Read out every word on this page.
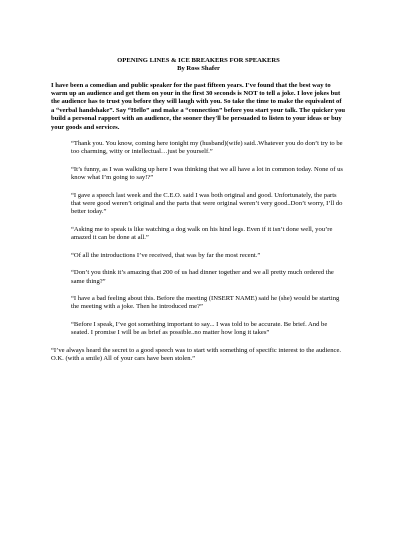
OPENING LINES & ICE BREAKERS FOR SPEAKERS
By Ross Shafer

I have been a comedian and public speaker for the past fifteen years. I've found that the best way to warm up an audience and get them on your in the first 30 seconds is NOT to tell a joke. I love jokes but the audience has to trust you before they will laugh with you. So take the time to make the equivalent of a “verbal handshake”. Say “Hello” and make a “connection” before you start your talk. The quicker you build a personal rapport with an audience, the sooner they'll be persuaded to listen to your ideas or buy your goods and services.

“Thank you. You know, coming here tonight my (husband)(wife) said..Whatever you do don’t try to be too charming, witty or intellectual…just be yourself.”
“It’s funny, as I was walking up here I was thinking that we all have a lot in common today. None of us know what I’m going to say!?”
“I gave a speech last week and the C.E.O. said I was both original and good. Unfortunately, the parts that were good weren’t original and the parts that were original weren’t very good..Don’t worry, I’ll do better today.”
“Asking me to speak is like watching a dog walk on his hind legs. Even if it isn’t done well, you’re amazed it can be done at all.”
“Of all the introductions I’ve received, that was by far the most recent.”
“Don’t you think it’s amazing that 200 of us had dinner together and we all pretty much ordered the same thing?”
“I have a bad feeling about this. Before the meeting (INSERT NAME) said he (she) would be starting the meeting with a joke. Then he introduced me?”
“Before I speak, I’ve got something important to say... I was told to be accurate. Be brief. And be seated. I promise I will be as brief as possible..no matter how long it takes”

“I’ve always heard the secret to a good speech was to start with something of specific interest to the audience. O.K. (with a smile) All of your cars have been stolen.”
